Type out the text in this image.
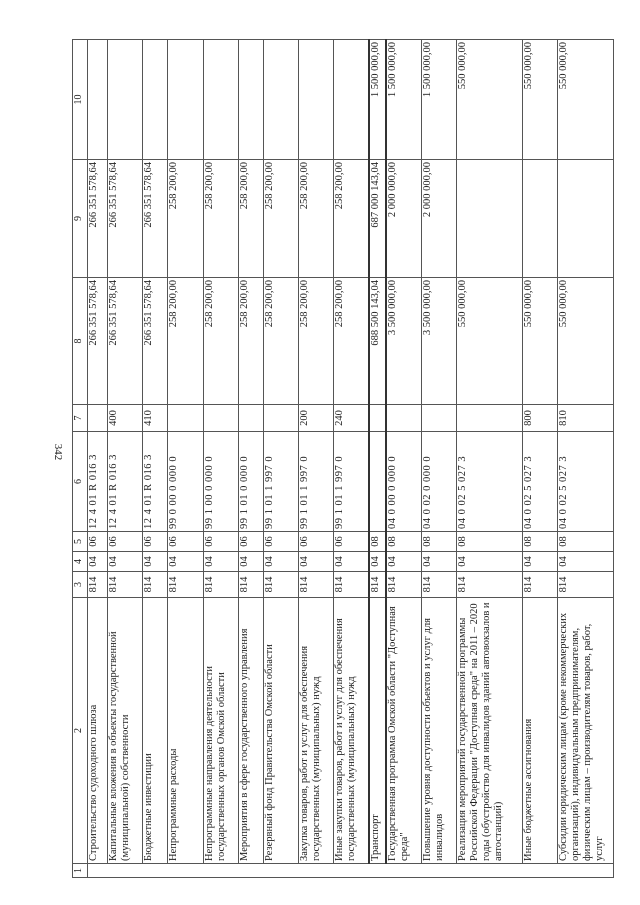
342
1	2	3	4	5	6	7	8	9	10
	Строительство судоходного шлюза	814	04	06	12 4 01 R 016 3		266 351 578,64	266 351 578,64	
	Капитальные вложения в объекты государственной (муниципальной) собственности	814	04	06	12 4 01 R 016 3	400	266 351 578,64	266 351 578,64	
	Бюджетные инвестиции	814	04	06	12 4 01 R 016 3	410	266 351 578,64	266 351 578,64	
	Непрограммные расходы	814	04	06	99 0 00 0 000 0		258 200,00	258 200,00	
	Непрограммные направления деятельности государственных органов Омской области	814	04	06	99 1 00 0 000 0		258 200,00	258 200,00	
	Мероприятия в сфере государственного управления	814	04	06	99 1 01 0 000 0		258 200,00	258 200,00	
	Резервный фонд Правительства Омской области	814	04	06	99 1 01 1 997 0		258 200,00	258 200,00	
	Закупка товаров, работ и услуг для обеспечения государственных (муниципальных) нужд	814	04	06	99 1 01 1 997 0	200	258 200,00	258 200,00	
	Иные закупки товаров, работ и услуг для обеспечения государственных (муниципальных) нужд	814	04	06	99 1 01 1 997 0	240	258 200,00	258 200,00	
	Транспорт	814	04	08			688 500 143,04	687 000 143,04	1 500 000,00
	Государственная программа Омской области "Доступная среда"	814	04	08	04 0 00 0 000 0		3 500 000,00	2 000 000,00	1 500 000,00
	Повышение уровня доступности объектов и услуг для инвалидов	814	04	08	04 0 02 0 000 0		3 500 000,00	2 000 000,00	1 500 000,00
	Реализация мероприятий государственной программы Российской Федерации "Доступная среда" на 2011 – 2020 годы (обустройство для инвалидов зданий автовокзалов и автостанций)	814	04	08	04 0 02 5 027 3		550 000,00		550 000,00
	Иные бюджетные ассигнования	814	04	08	04 0 02 5 027 3	800	550 000,00		550 000,00
	Субсидии юридическим лицам (кроме некоммерческих организаций), индивидуальным предпринимателям, физическим лицам – производителям товаров, работ, услуг	814	04	08	04 0 02 5 027 3	810	550 000,00		550 000,00
